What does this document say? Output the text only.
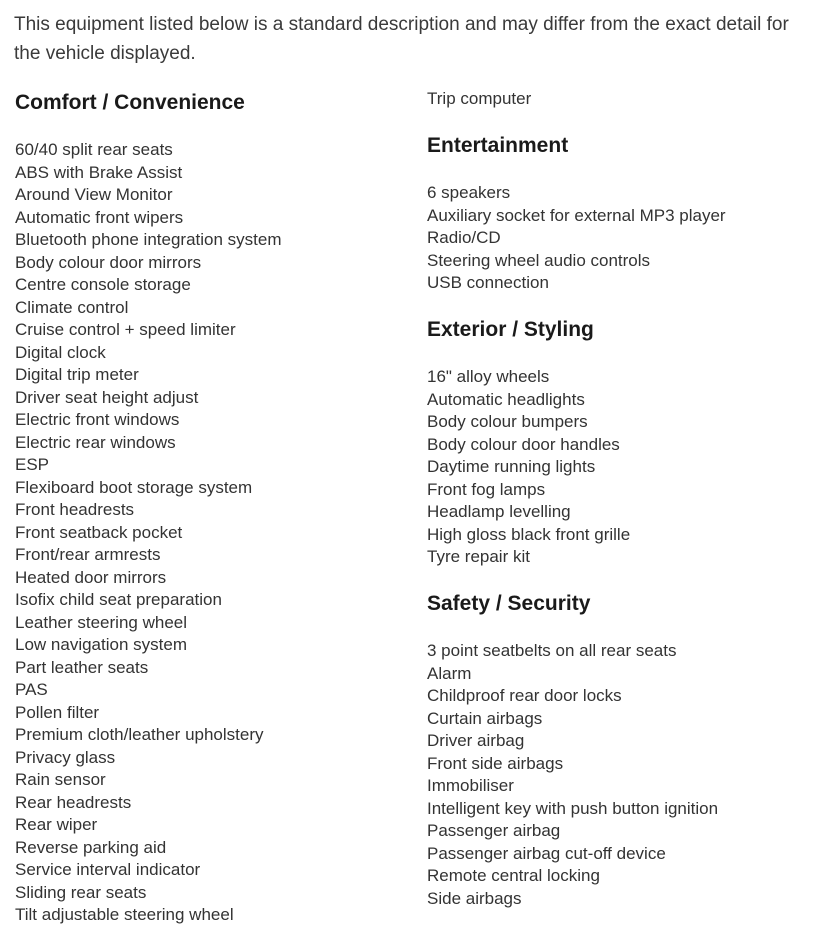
This equipment listed below is a standard description and may differ from the exact detail for the vehicle displayed.

Comfort / Convenience
60/40 split rear seats
ABS with Brake Assist
Around View Monitor
Automatic front wipers
Bluetooth phone integration system
Body colour door mirrors
Centre console storage
Climate control
Cruise control + speed limiter
Digital clock
Digital trip meter
Driver seat height adjust
Electric front windows
Electric rear windows
ESP
Flexiboard boot storage system
Front headrests
Front seatback pocket
Front/rear armrests
Heated door mirrors
Isofix child seat preparation
Leather steering wheel
Low navigation system
Part leather seats
PAS
Pollen filter
Premium cloth/leather upholstery
Privacy glass
Rain sensor
Rear headrests
Rear wiper
Reverse parking aid
Service interval indicator
Sliding rear seats
Tilt adjustable steering wheel
Trip computer
Entertainment
6 speakers
Auxiliary socket for external MP3 player
Radio/CD
Steering wheel audio controls
USB connection
Exterior / Styling
16" alloy wheels
Automatic headlights
Body colour bumpers
Body colour door handles
Daytime running lights
Front fog lamps
Headlamp levelling
High gloss black front grille
Tyre repair kit
Safety / Security
3 point seatbelts on all rear seats
Alarm
Childproof rear door locks
Curtain airbags
Driver airbag
Front side airbags
Immobiliser
Intelligent key with push button ignition
Passenger airbag
Passenger airbag cut-off device
Remote central locking
Side airbags
